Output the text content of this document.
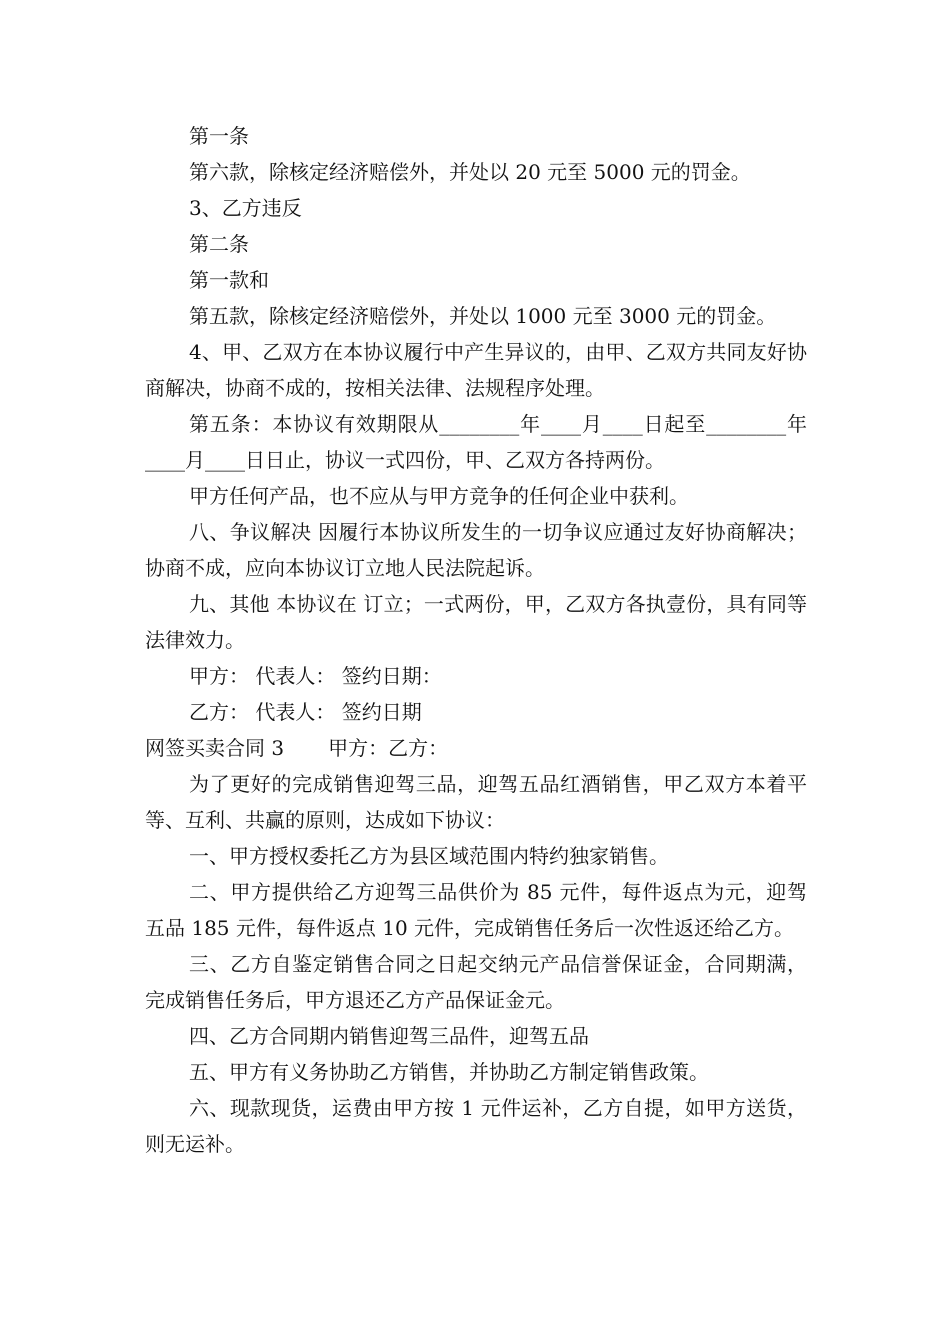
第一条

第六款，除核定经济赔偿外，并处以 20 元至 5000 元的罚金。

3、乙方违反

第二条

第一款和

第五款，除核定经济赔偿外，并处以 1000 元至 3000 元的罚金。

4、甲、乙双方在本协议履行中产生异议的，由甲、乙双方共同友好协商解决，协商不成的，按相关法律、法规程序处理。

第五条：本协议有效期限从________年____月____日起至________年____月____日日止，协议一式四份，甲、乙双方各持两份。

甲方任何产品，也不应从与甲方竞争的任何企业中获利。

八、争议解决 因履行本协议所发生的一切争议应通过友好协商解决；协商不成，应向本协议订立地人民法院起诉。

九、其他 本协议在 订立；一式两份，甲，乙双方各执壹份，具有同等法律效力。

甲方： 代表人： 签约日期：

乙方： 代表人： 签约日期

网签买卖合同 3 甲方：乙方：

为了更好的完成销售迎驾三品，迎驾五品红酒销售，甲乙双方本着平等、互利、共赢的原则，达成如下协议：

一、甲方授权委托乙方为县区域范围内特约独家销售。

二、甲方提供给乙方迎驾三品供价为 85 元件，每件返点为元，迎驾五品 185 元件，每件返点 10 元件，完成销售任务后一次性返还给乙方。

三、乙方自鉴定销售合同之日起交纳元产品信誉保证金，合同期满，完成销售任务后，甲方退还乙方产品保证金元。

四、乙方合同期内销售迎驾三品件，迎驾五品

五、甲方有义务协助乙方销售，并协助乙方制定销售政策。

六、现款现货，运费由甲方按 1 元件运补，乙方自提，如甲方送货，则无运补。
